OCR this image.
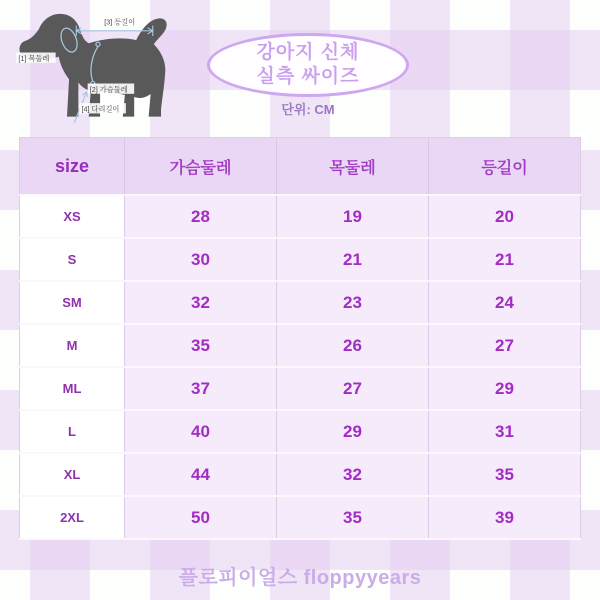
[3] 등길이
[1] 목둘레
[2] 가슴둘레
[4] 다리길이
강아지 신체
실측 싸이즈
단위: CM
size	가슴둘레	목둘레	등길이
XS	28	19	20
S	30	21	21
SM	32	23	24
M	35	26	27
ML	37	27	29
L	40	29	31
XL	44	32	35
2XL	50	35	39
플로피이얼스 floppyyears
